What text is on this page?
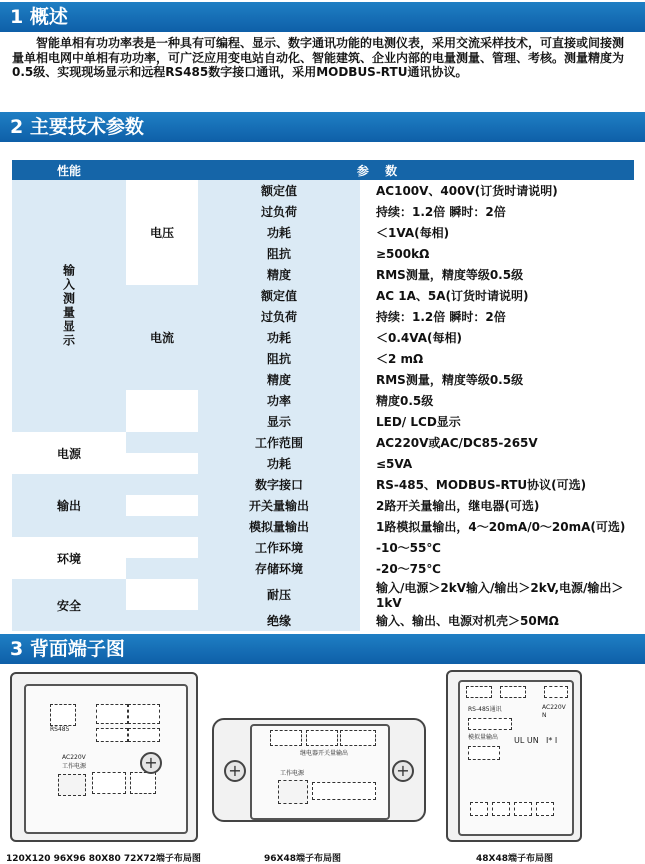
1 概述
智能单相有功功率表是一种具有可编程、显示、数字通讯功能的电测仪表，采用交流采样技术，可直接或间接测量单相电网中单相有功功率，可广泛应用变电站自动化、智能建筑、企业内部的电量测量、管理、考核。测量精度为0.5级、实现现场显示和远程RS485数字接口通讯，采用MODBUS-RTU通讯协议。
2 主要技术参数
性能	参 数		

输入测量显示	电压	额定值	AC100V、400V(订货时请说明)
		过负荷	持续：1.2倍 瞬时：2倍
		功耗	＜1VA(每相)
		阻抗	≥500kΩ
		精度	RMS测量，精度等级0.5级
	电流	额定值	AC 1A、5A(订货时请说明)
		过负荷	持续：1.2倍 瞬时：2倍
		功耗	＜0.4VA(每相)
		阻抗	＜2 mΩ
		精度	RMS测量，精度等级0.5级
		功率	精度0.5级
		显示	LED/ LCD显示
电源		工作范围	AC220V或AC/DC85-265V
		功耗	≤5VA
输出		数字接口	RS-485、MODBUS-RTU协议(可选)
		开关量输出	2路开关量输出，继电器(可选)
		模拟量输出	1路模拟量输出，4～20mA/0～20mA(可选)
环境		工作环境	-10～55℃
		存储环境	-20～75℃
安全		耐压	输入/电源＞2kV输入/输出＞2kV,电源/输出＞1kV
		绝缘	输入、输出、电源对机壳＞50MΩ
3 背面端子图
RS485
AC220V
工作电源
+
120X120 96X96 80X80 72X72端子布局图
+
+
继电器开关量输出
工作电源
96X48端子布局图
RS-485通讯	AC220V
N
模拟量输出 UL UN I* I
48X48端子布局图
